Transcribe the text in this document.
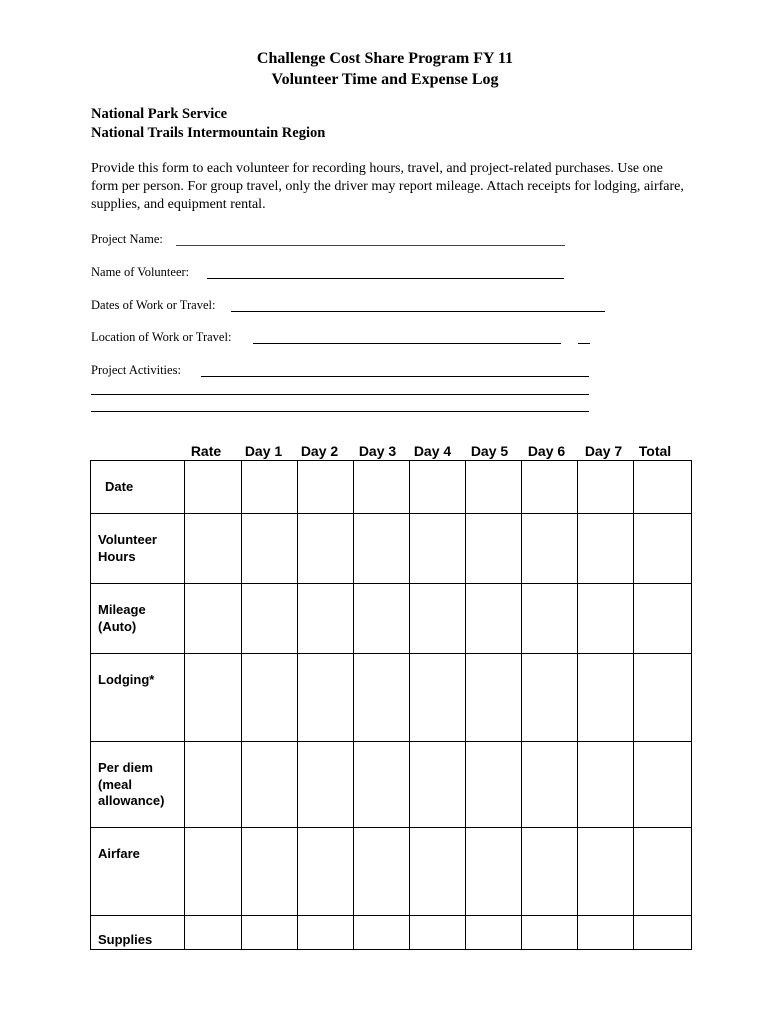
Challenge Cost Share Program FY 11
Volunteer Time and Expense Log
National Park Service
National Trails Intermountain Region
Provide this form to each volunteer for recording hours, travel, and project-related purchases. Use one form per person. For group travel, only the driver may report mileage. Attach receipts for lodging, airfare, supplies, and equipment rental.
Project Name:
Name of Volunteer:
Dates of Work or Travel:
Location of Work or Travel:
Project Activities:
Rate	Day 1 Day 2 Day 3 Day 4 Day 5 Day 6 Day 7	Total
Date									

Volunteer Hours									

Mileage (Auto)									

Lodging*									

Per diem (meal allowance)									

Airfare									

Supplies									
